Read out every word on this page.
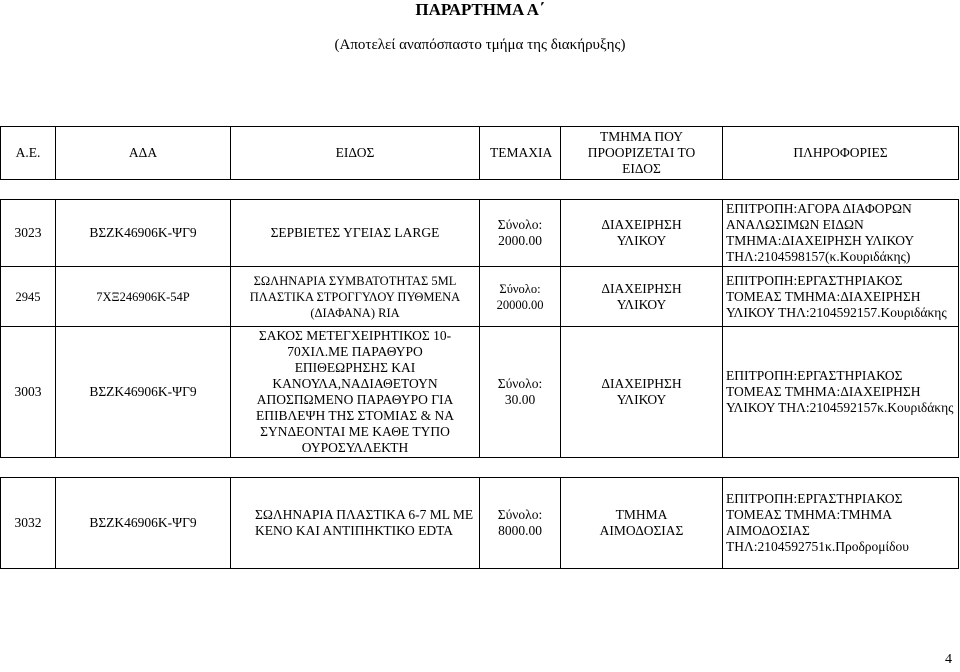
ΠΑΡΑΡΤΗΜΑ Α΄
(Αποτελεί αναπόσπαστο τμήμα της διακήρυξης)
Α.Ε.	ΑΔΑ	ΕΙΔΟΣ	ΤΕΜΑΧΙΑ	ΤΜΗΜΑ ΠΟΥ ΠΡΟΟΡΙΖΕΤΑΙ ΤΟ ΕΙΔΟΣ	ΠΛΗΡΟΦΟΡΙΕΣ

3023	ΒΣΖΚ46906Κ-ΨΓ9	ΣΕΡΒΙΕΤΕΣ ΥΓΕΙΑΣ LARGE	Σύνολο: 2000.00	ΔΙΑΧΕΙΡΗΣΗ ΥΛΙΚΟΥ	ΕΠΙΤΡΟΠΗ:ΑΓΟΡΑ ΔΙΑΦΟΡΩΝ ΑΝΑΛΩΣΙΜΩΝ ΕΙΔΩΝ ΤΜΗΜΑ:ΔΙΑΧΕΙΡΗΣΗ ΥΛΙΚΟΥ ΤΗΛ:2104598157(κ.Κουριδάκης)
2945	7ΧΞ246906Κ-54Ρ	ΣΩΛΗΝΑΡΙΑ ΣΥΜΒΑΤΟΤΗΤΑΣ 5ML ΠΛΑΣΤΙΚΑ ΣΤΡΟΓΓΥΛΟΥ ΠΥΘΜΕΝΑ (ΔΙΑΦΑΝΑ) RIA	Σύνολο: 20000.00	ΔΙΑΧΕΙΡΗΣΗ ΥΛΙΚΟΥ	ΕΠΙΤΡΟΠΗ:ΕΡΓΑΣΤΗΡΙΑΚΟΣ ΤΟΜΕΑΣ ΤΜΗΜΑ:ΔΙΑΧΕΙΡΗΣΗ ΥΛΙΚΟΥ ΤΗΛ:2104592157.Κουριδάκης
3003	ΒΣΖΚ46906Κ-ΨΓ9	ΣΑΚΟΣ ΜΕΤΕΓΧΕΙΡΗΤΙΚΟΣ 10-70ΧΙΛ.ΜΕ ΠΑΡΑΘΥΡΟ ΕΠΙΘΕΩΡΗΣΗΣ ΚΑΙ ΚΑΝΟΥΛΑ,ΝΑΔΙΑΘΕΤΟΥΝ ΑΠΟΣΠΩΜΕΝΟ ΠΑΡΑΘΥΡΟ ΓΙΑ ΕΠΙΒΛΕΨΗ ΤΗΣ ΣΤΟΜΙΑΣ & ΝΑ ΣΥΝΔΕΟΝΤΑΙ ΜΕ ΚΑΘΕ ΤΥΠΟ ΟΥΡΟΣΥΛΛΕΚΤΗ	Σύνολο: 30.00	ΔΙΑΧΕΙΡΗΣΗ ΥΛΙΚΟΥ	ΕΠΙΤΡΟΠΗ:ΕΡΓΑΣΤΗΡΙΑΚΟΣ ΤΟΜΕΑΣ ΤΜΗΜΑ:ΔΙΑΧΕΙΡΗΣΗ ΥΛΙΚΟΥ ΤΗΛ:2104592157κ.Κουριδάκης

3032	ΒΣΖΚ46906Κ-ΨΓ9	ΣΩΛΗΝΑΡΙΑ ΠΛΑΣΤΙΚΑ 6-7 ML ΜΕ ΚΕΝΟ ΚΑΙ ΑΝΤΙΠΗΚΤΙΚΟ EDTA	Σύνολο: 8000.00	ΤΜΗΜΑ ΑΙΜΟΔΟΣΙΑΣ	ΕΠΙΤΡΟΠΗ:ΕΡΓΑΣΤΗΡΙΑΚΟΣ ΤΟΜΕΑΣ ΤΜΗΜΑ:ΤΜΗΜΑ ΑΙΜΟΔΟΣΙΑΣ ΤΗΛ:2104592751κ.Προδρομίδου
4
